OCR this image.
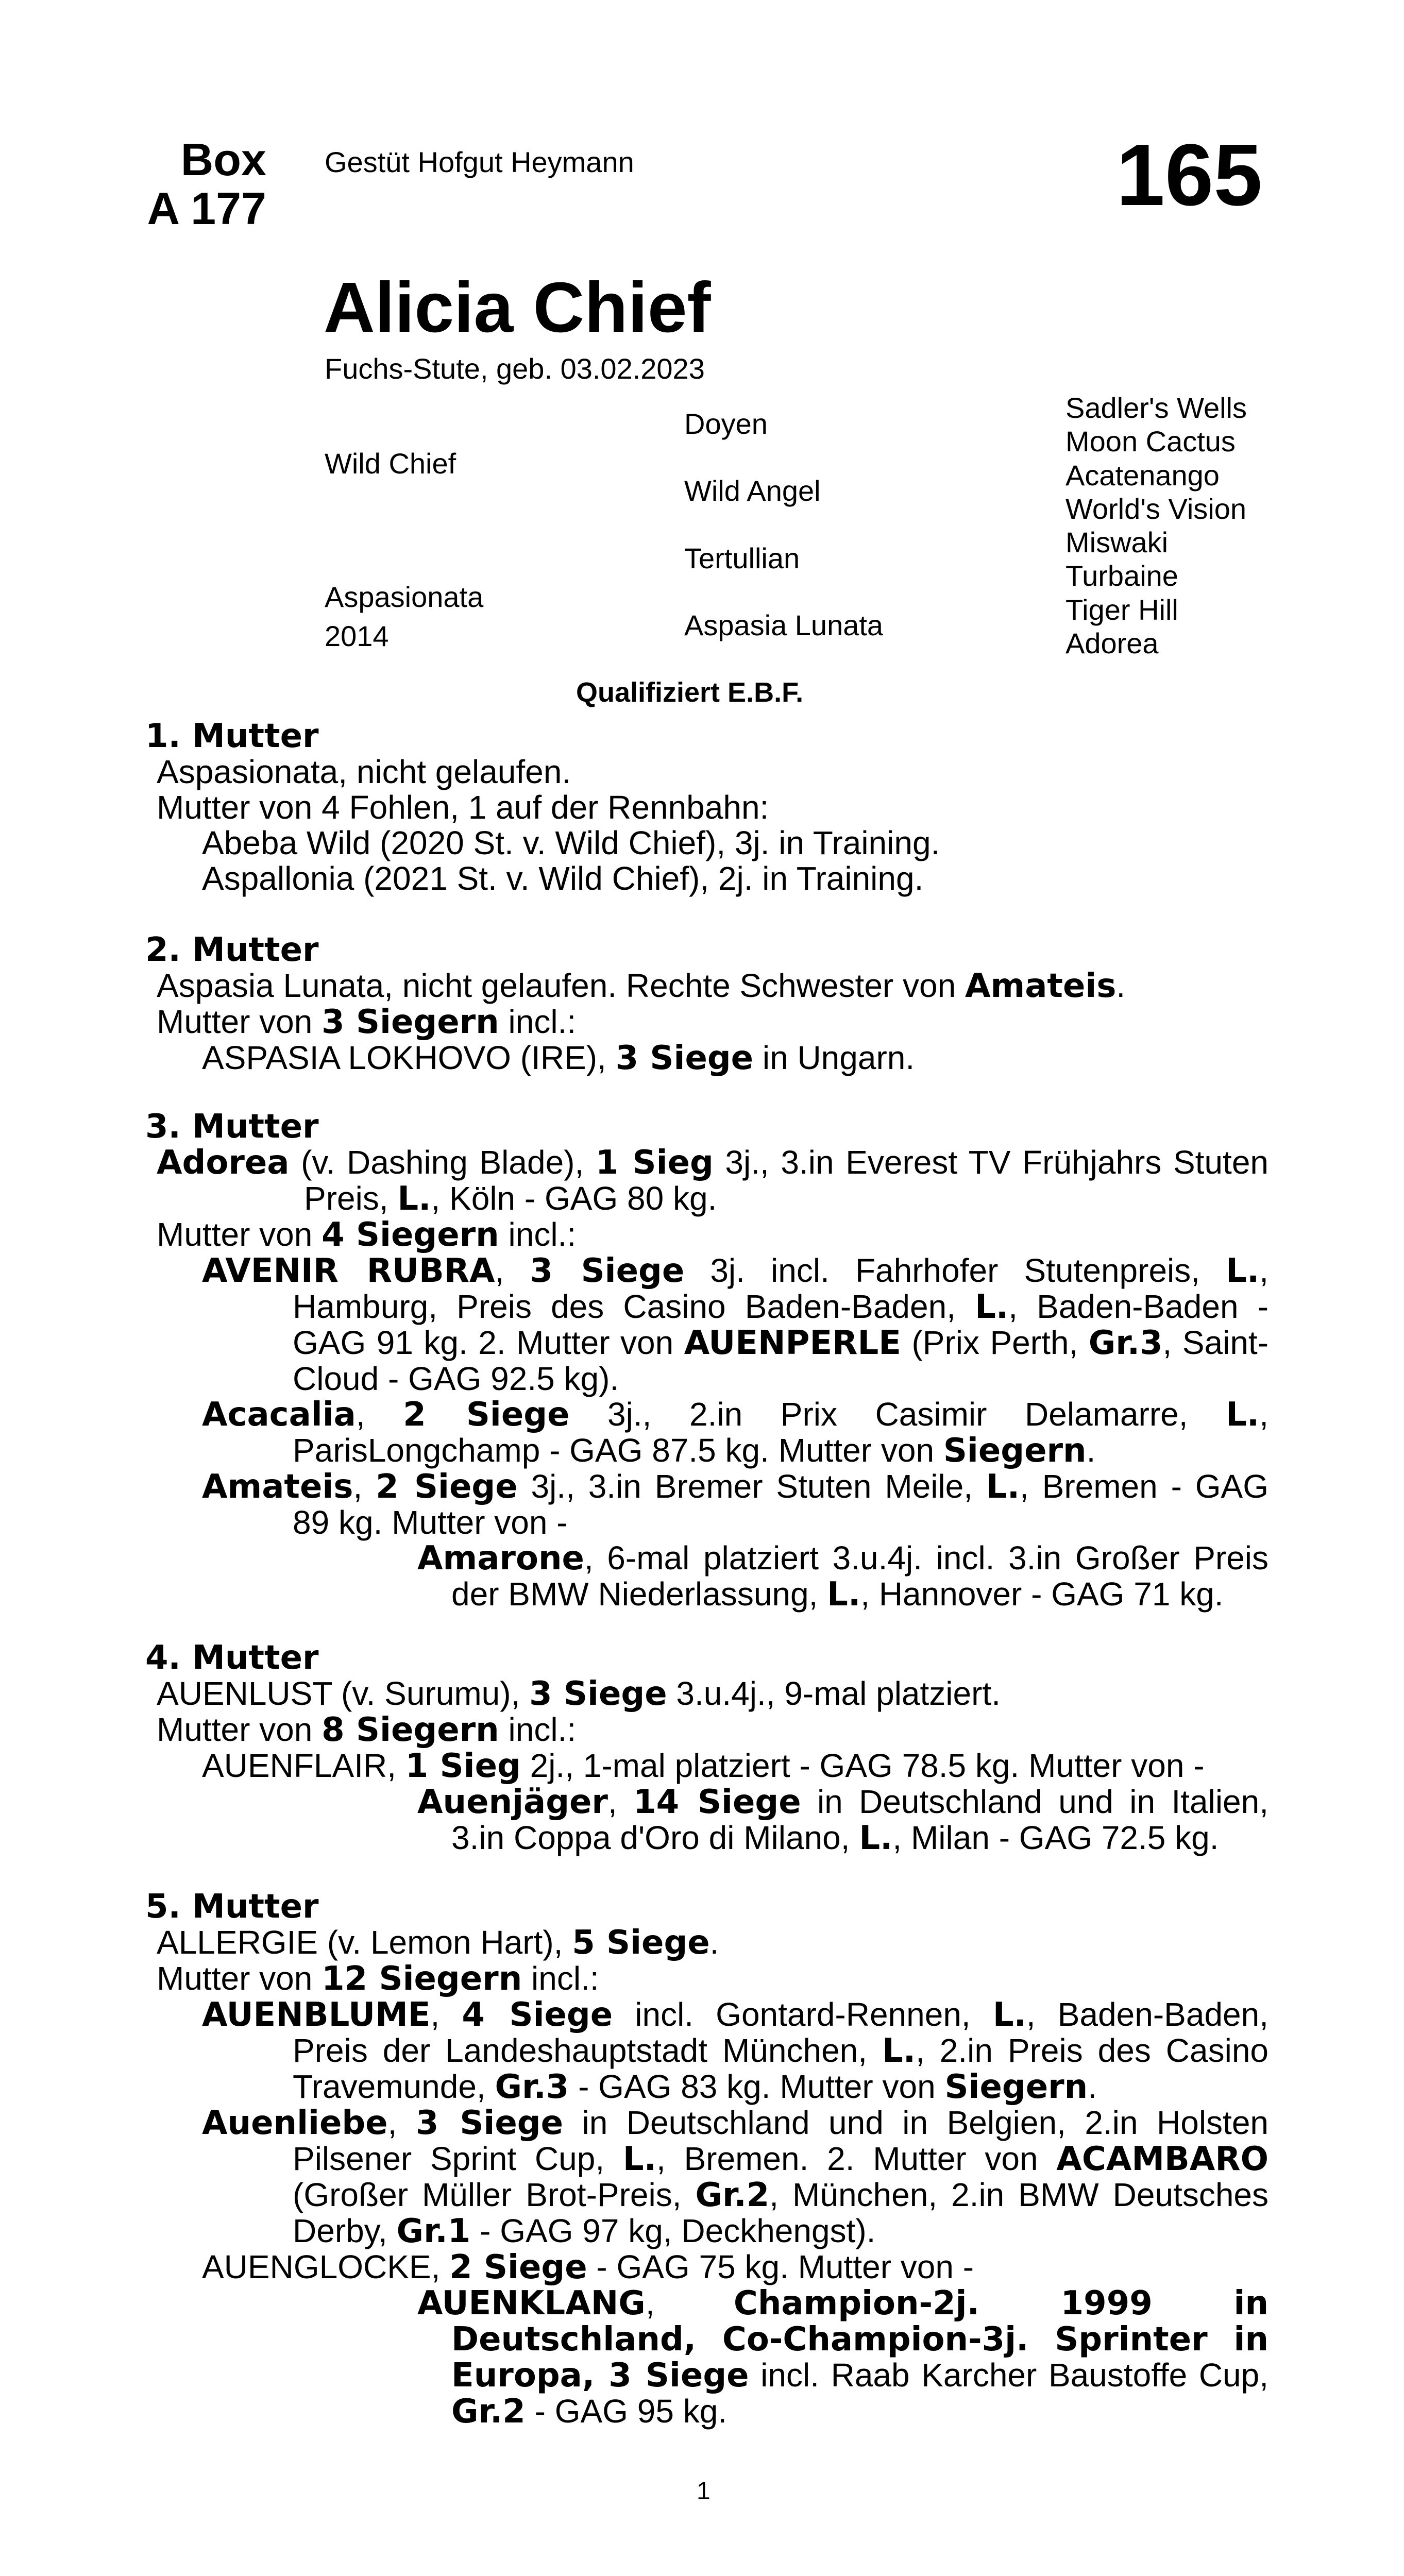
Box
A 177
Gestüt Hofgut Heymann	165
Alicia Chief
Fuchs-Stute, geb. 03.02.2023
Wild Chief
Aspasionata
2014
Doyen
Wild Angel
Tertullian
Aspasia Lunata
Sadler's Wells
Moon Cactus
Acatenango
World's Vision
Miswaki
Turbaine
Tiger Hill
Adorea
Qualifiziert E.B.F.
1. Mutter
Aspasionata, nicht gelaufen.
Mutter von 4 Fohlen, 1 auf der Rennbahn:
Abeba Wild (2020 St. v. Wild Chief), 3j. in Training.
Aspallonia (2021 St. v. Wild Chief), 2j. in Training.
2. Mutter
Aspasia Lunata, nicht gelaufen. Rechte Schwester von Amateis.
Mutter von 3 Siegern incl.:
ASPASIA LOKHOVO (IRE), 3 Siege in Ungarn.
3. Mutter
Adorea (v. Dashing Blade), 1 Sieg 3j., 3.in Everest TV Frühjahrs Stuten Preis, L., Köln - GAG 80 kg.
Mutter von 4 Siegern incl.:
AVENIR RUBRA, 3 Siege 3j. incl. Fahrhofer Stutenpreis, L., Hamburg, Preis des Casino Baden-Baden, L., Baden-Baden - GAG 91 kg. 2. Mutter von AUENPERLE (Prix Perth, Gr.3, Saint-Cloud - GAG 92.5 kg).
Acacalia, 2 Siege 3j., 2.in Prix Casimir Delamarre, L., ParisLongchamp - GAG 87.5 kg. Mutter von Siegern.
Amateis, 2 Siege 3j., 3.in Bremer Stuten Meile, L., Bremen - GAG 89 kg. Mutter von -
Amarone, 6-mal platziert 3.u.4j. incl. 3.in Großer Preis der BMW Niederlassung, L., Hannover - GAG 71 kg.
4. Mutter
AUENLUST (v. Surumu), 3 Siege 3.u.4j., 9-mal platziert.
Mutter von 8 Siegern incl.:
AUENFLAIR, 1 Sieg 2j., 1-mal platziert - GAG 78.5 kg. Mutter von -
Auenjäger, 14 Siege in Deutschland und in Italien, 3.in Coppa d'Oro di Milano, L., Milan - GAG 72.5 kg.
5. Mutter
ALLERGIE (v. Lemon Hart), 5 Siege.
Mutter von 12 Siegern incl.:
AUENBLUME, 4 Siege incl. Gontard-Rennen, L., Baden-Baden, Preis der Landeshauptstadt München, L., 2.in Preis des Casino Travemunde, Gr.3 - GAG 83 kg. Mutter von Siegern.
Auenliebe, 3 Siege in Deutschland und in Belgien, 2.in Holsten Pilsener Sprint Cup, L., Bremen. 2. Mutter von ACAMBARO (Großer Müller Brot-Preis, Gr.2, München, 2.in BMW Deutsches Derby, Gr.1 - GAG 97 kg, Deckhengst).
AUENGLOCKE, 2 Siege - GAG 75 kg. Mutter von -
AUENKLANG, Champion-2j. 1999 in Deutschland, Co-Champion-3j. Sprinter in Europa, 3 Siege incl. Raab Karcher Baustoffe Cup, Gr.2 - GAG 95 kg.
1
